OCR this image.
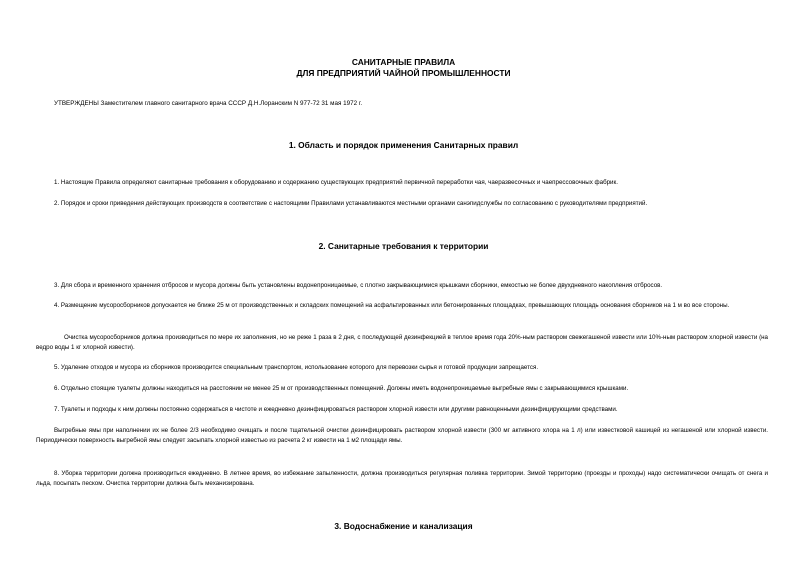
САНИТАРНЫЕ ПРАВИЛА
ДЛЯ ПРЕДПРИЯТИЙ ЧАЙНОЙ ПРОМЫШЛЕННОСТИ
УТВЕРЖДЕНЫ Заместителем главного санитарного врача СССР Д.Н.Лоранским N 977-72 31 мая 1972 г.
1. Область и порядок применения Санитарных правил
1. Настоящие Правила определяют санитарные требования к оборудованию и содержанию существующих предприятий первичной переработки чая, чаеразвесочных и чаепрессовочных фабрик.
2. Порядок и сроки приведения действующих производств в соответствие с настоящими Правилами устанавливаются местными органами санэпидслужбы по согласованию с руководителями предприятий.
2. Санитарные требования к территории
3. Для сбора и временного хранения отбросов и мусора должны быть установлены водонепроницаемые, с плотно закрывающимися крышками сборники, емкостью не более двухдневного накопления отбросов.
4. Размещение мусоросборников допускается не ближе 25 м от производственных и складских помещений на асфальтированных или бетонированных площадках, превышающих площадь основания сборников на 1 м во все стороны.
Очистка мусоросборников должна производиться по мере их заполнения, но не реже 1 раза в 2 дня, с последующей дезинфекцией в теплое время года 20%-ным раствором свежегашеной извести или 10%-ным раствором хлорной извести (на ведро воды 1 кг хлорной извести).
5. Удаление отходов и мусора из сборников производится специальным транспортом, использование которого для перевозки сырья и готовой продукции запрещается.
6. Отдельно стоящие туалеты должны находиться на расстоянии не менее 25 м от производственных помещений. Должны иметь водонепроницаемые выгребные ямы с закрывающимися крышками.
7. Туалеты и подходы к ним должны постоянно содержаться в чистоте и ежедневно дезинфицироваться раствором хлорной извести или другими равноценными дезинфицирующими средствами.
Выгребные ямы при наполнении их не более 2/3 необходимо очищать и после тщательной очистки дезинфицировать раствором хлорной извести (300 мг активного хлора на 1 л) или известковой кашицей из негашеной или хлорной извести. Периодически поверхность выгребной ямы следует засыпать хлорной известью из расчета 2 кг извести на 1 м2 площади ямы.
8. Уборка территории должна производиться ежедневно. В летнее время, во избежание запыленности, должна производиться регулярная поливка территории. Зимой территорию (проезды и проходы) надо систематически очищать от снега и льда, посыпать песком. Очистка территории должна быть механизирована.
3. Водоснабжение и канализация
